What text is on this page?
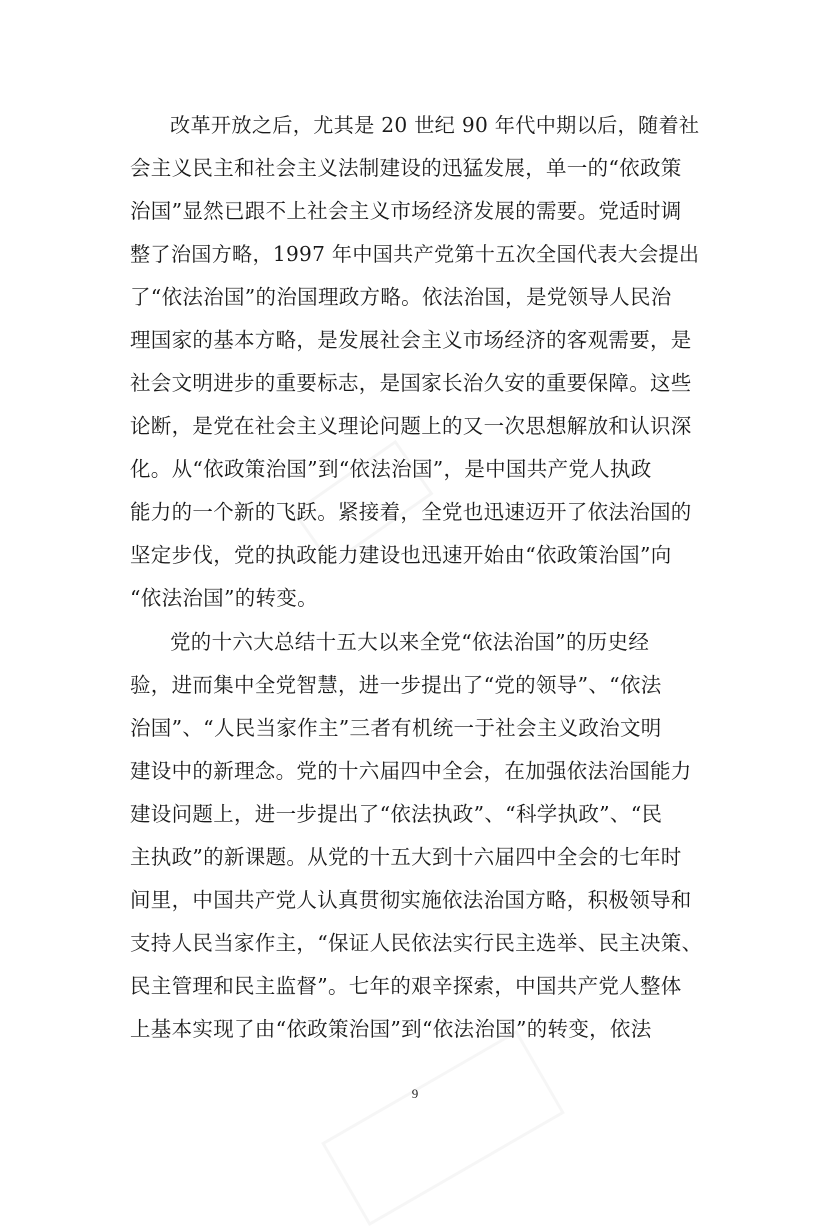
改革开放之后，尤其是 20 世纪 90 年代中期以后，随着社
会主义民主和社会主义法制建设的迅猛发展，单一的“依政策
治国”显然已跟不上社会主义市场经济发展的需要。党适时调
整了治国方略，1997 年中国共产党第十五次全国代表大会提出
了“依法治国”的治国理政方略。依法治国，是党领导人民治
理国家的基本方略，是发展社会主义市场经济的客观需要，是
社会文明进步的重要标志，是国家长治久安的重要保障。这些
论断，是党在社会主义理论问题上的又一次思想解放和认识深
化。从“依政策治国”到“依法治国”，是中国共产党人执政
能力的一个新的飞跃。紧接着，全党也迅速迈开了依法治国的
坚定步伐，党的执政能力建设也迅速开始由“依政策治国”向
“依法治国”的转变。
党的十六大总结十五大以来全党“依法治国”的历史经
验，进而集中全党智慧，进一步提出了“党的领导”、“依法
治国”、“人民当家作主”三者有机统一于社会主义政治文明
建设中的新理念。党的十六届四中全会，在加强依法治国能力
建设问题上，进一步提出了“依法执政”、“科学执政”、“民
主执政”的新课题。从党的十五大到十六届四中全会的七年时
间里，中国共产党人认真贯彻实施依法治国方略，积极领导和
支持人民当家作主，“保证人民依法实行民主选举、民主决策、
民主管理和民主监督”。七年的艰辛探索，中国共产党人整体
上基本实现了由“依政策治国”到“依法治国”的转变，依法
9
